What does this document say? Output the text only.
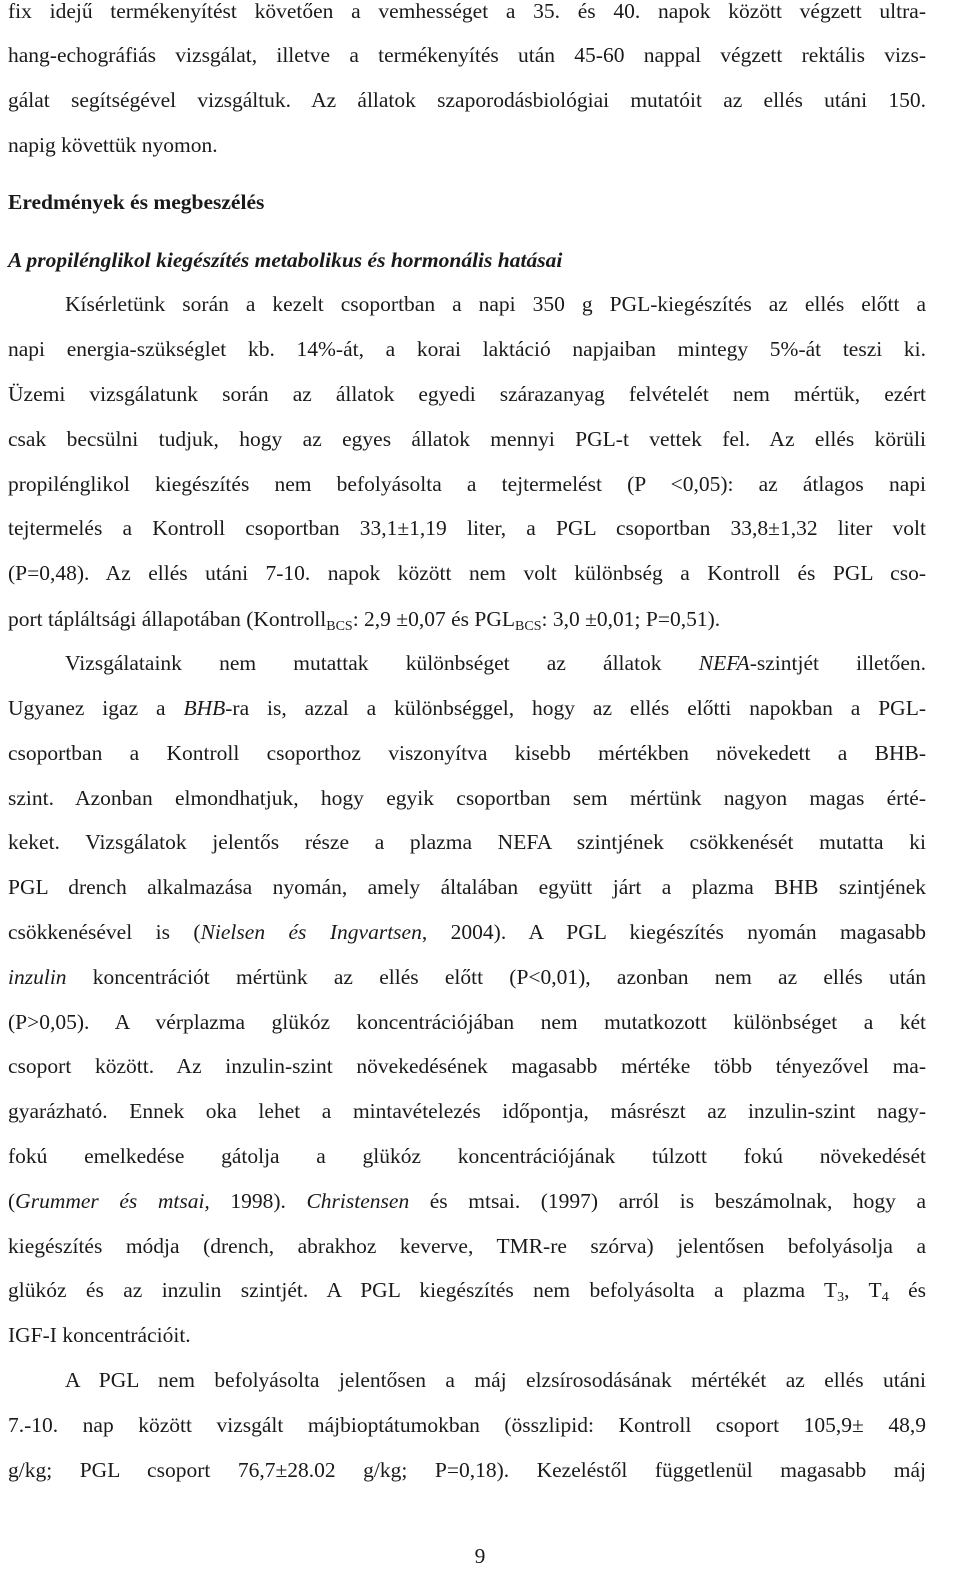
fix idejű termékenyítést követően a vemhességet a 35. és 40. napok között végzett ultra-
hang-echográfiás vizsgálat, illetve a termékenyítés után 45-60 nappal végzett rektális vizs-
gálat segítségével vizsgáltuk. Az állatok szaporodásbiológiai mutatóit az ellés utáni 150.
napig követtük nyomon.
Eredmények és megbeszélés
A propilénglikol kiegészítés metabolikus és hormonális hatásai
Kísérletünk során a kezelt csoportban a napi 350 g PGL-kiegészítés az ellés előtt a
napi energia-szükséglet kb. 14%-át, a korai laktáció napjaiban mintegy 5%-át teszi ki.
Üzemi vizsgálatunk során az állatok egyedi szárazanyag felvételét nem mértük, ezért
csak becsülni tudjuk, hogy az egyes állatok mennyi PGL-t vettek fel. Az ellés körüli
propilénglikol kiegészítés nem befolyásolta a tejtermelést (P <0,05): az átlagos napi
tejtermelés a Kontroll csoportban 33,1±1,19 liter, a PGL csoportban 33,8±1,32 liter volt
(P=0,48). Az ellés utáni 7-10. napok között nem volt különbség a Kontroll és PGL cso-
port tápláltsági állapotában (Kontroll$_{BCS}$: 2,9 ±0,07 és $PGL_{BCS}$: 3,0 ±0,01; P=0,51).
Vizsgálataink nem mutattak különbséget az állatok NEFA-szintjét illetően.
Ugyanez igaz a BHB-ra is, azzal a különbséggel, hogy az ellés előtti napokban a PGL-
csoportban a Kontroll csoporthoz viszonyítva kisebb mértékben növekedett a BHB-
szint. Azonban elmondhatjuk, hogy egyik csoportban sem mértünk nagyon magas érté-
keket. Vizsgálatok jelentős része a plazma NEFA szintjének csökkenését mutatta ki
PGL drench alkalmazása nyomán, amely általában együtt járt a plazma BHB szintjének
csökkenésével is (Nielsen és Ingvartsen, 2004). A PGL kiegészítés nyomán magasabb
inzulin koncentrációt mértünk az ellés előtt (P<0,01), azonban nem az ellés után
(P>0,05). A vérplazma glükóz koncentrációjában nem mutatkozott különbséget a két
csoport között. Az inzulin-szint növekedésének magasabb mértéke több tényezővel ma-
gyarázható. Ennek oka lehet a mintavételezés időpontja, másrészt az inzulin-szint nagy-
fokú emelkedése gátolja a glükóz koncentrációjának túlzott fokú növekedését
(Grummer és mtsai, 1998). Christensen és mtsai. (1997) arról is beszámolnak, hogy a
kiegészítés módja (drench, abrakhoz keverve, TMR-re szórva) jelentősen befolyásolja a
glükóz és az inzulin szintjét. A PGL kiegészítés nem befolyásolta a plazma $T_3$, $T_4$ és
IGF-I koncentrációit.
A PGL nem befolyásolta jelentősen a máj elzsírosodásának mértékét az ellés utáni
7.-10. nap között vizsgált májbioptátumokban (összlipid: Kontroll csoport 105,9± 48,9
g/kg; PGL csoport 76,7±28.02 g/kg; P=0,18). Kezeléstől függetlenül magasabb máj
9
